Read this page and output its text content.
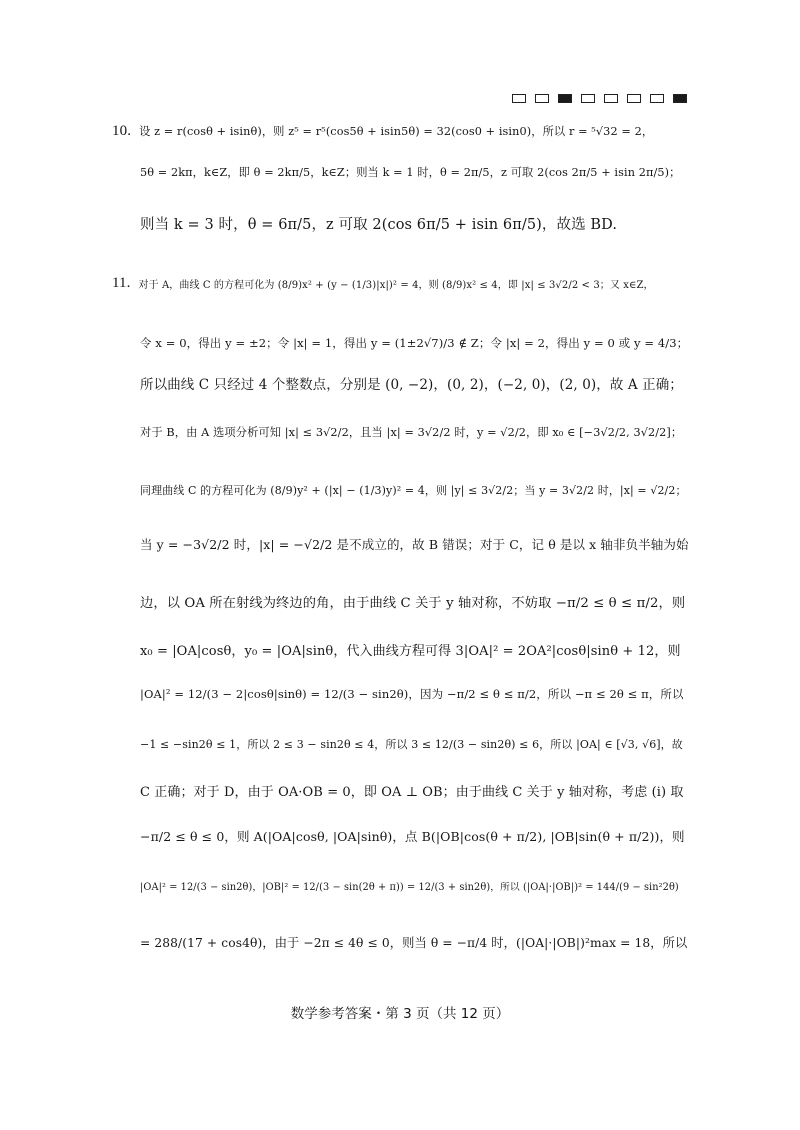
10. 设 z = r(cosθ + isinθ)，则 z⁵ = r⁵(cos5θ + isin5θ) = 32(cos0 + isin0)，所以 r = ⁵√32 = 2，
5θ = 2kπ，k∈Z，即 θ = 2kπ/5，k∈Z；则当 k = 1 时，θ = 2π/5，z 可取 2(cos 2π/5 + isin 2π/5)；
则当 k = 3 时，θ = 6π/5，z 可取 2(cos 6π/5 + isin 6π/5)，故选 BD.
11. 对于 A，曲线 C 的方程可化为 (8/9)x² + (y − (1/3)|x|)² = 4，则 (8/9)x² ≤ 4，即 |x| ≤ 3√2/2 < 3；又 x∈Z，
令 x = 0，得出 y = ±2；令 |x| = 1，得出 y = (1±2√7)/3 ∉ Z；令 |x| = 2，得出 y = 0 或 y = 4/3；
所以曲线 C 只经过 4 个整数点，分别是 (0, −2)，(0, 2)，(−2, 0)，(2, 0)，故 A 正确；
对于 B，由 A 选项分析可知 |x| ≤ 3√2/2，且当 |x| = 3√2/2 时，y = √2/2，即 x₀ ∈ [−3√2/2, 3√2/2]；
同理曲线 C 的方程可化为 (8/9)y² + (|x| − (1/3)y)² = 4，则 |y| ≤ 3√2/2；当 y = 3√2/2 时，|x| = √2/2；
当 y = −3√2/2 时，|x| = −√2/2 是不成立的，故 B 错误；对于 C，记 θ 是以 x 轴非负半轴为始
边，以 OA 所在射线为终边的角，由于曲线 C 关于 y 轴对称，不妨取 −π/2 ≤ θ ≤ π/2，则
x₀ = |OA|cosθ，y₀ = |OA|sinθ，代入曲线方程可得 3|OA|² = 2OA²|cosθ|sinθ + 12，则
|OA|² = 12/(3 − 2|cosθ|sinθ) = 12/(3 − sin2θ)，因为 −π/2 ≤ θ ≤ π/2，所以 −π ≤ 2θ ≤ π，所以
−1 ≤ −sin2θ ≤ 1，所以 2 ≤ 3 − sin2θ ≤ 4，所以 3 ≤ 12/(3 − sin2θ) ≤ 6，所以 |OA| ∈ [√3, √6]，故
C 正确；对于 D，由于 OA·OB = 0，即 OA ⊥ OB；由于曲线 C 关于 y 轴对称，考虑 (ⅰ) 取
−π/2 ≤ θ ≤ 0，则 A(|OA|cosθ, |OA|sinθ)，点 B(|OB|cos(θ + π/2), |OB|sin(θ + π/2))，则
|OA|² = 12/(3 − sin2θ)，|OB|² = 12/(3 − sin(2θ + π)) = 12/(3 + sin2θ)，所以 (|OA|·|OB|)² = 144/(9 − sin²2θ)
= 288/(17 + cos4θ)，由于 −2π ≤ 4θ ≤ 0，则当 θ = −π/4 时，(|OA|·|OB|)²max = 18，所以
数学参考答案・第 3 页（共 12 页）
